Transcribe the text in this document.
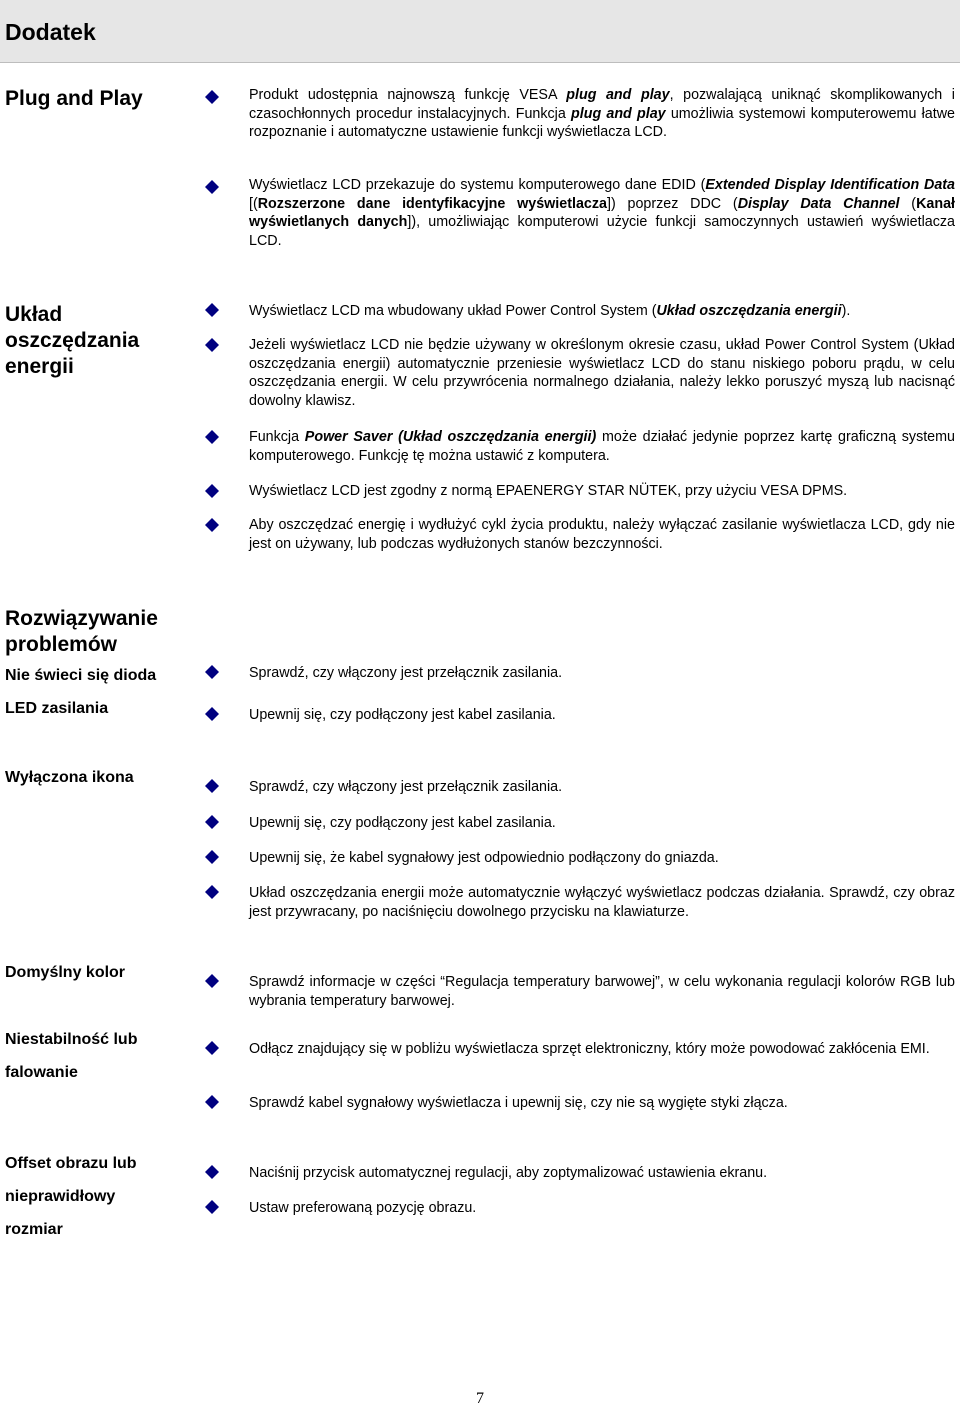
Dodatek
Plug and Play	Produkt udostępnia najnowszą funkcję VESA plug and play, pozwalającą uniknąć skomplikowanych i czasochłonnych procedur instalacyjnych. Funkcja plug and play umożliwia systemowi komputerowemu łatwe rozpoznanie i automatyczne ustawienie funkcji wyświetlacza LCD.
Wyświetlacz LCD przekazuje do systemu komputerowego dane EDID (Extended Display Identification Data [(Rozszerzone dane identyfikacyjne wyświetlacza]) poprzez DDC (Display Data Channel (Kanał wyświetlanych danych]), umożliwiając komputerowi użycie funkcji samoczynnych ustawień wyświetlacza LCD.
Układ
oszczędzania
energii
Wyświetlacz LCD ma wbudowany układ Power Control System (Układ oszczędzania energii).
Jeżeli wyświetlacz LCD nie będzie używany w określonym okresie czasu, układ Power Control System (Układ oszczędzania energii) automatycznie przeniesie wyświetlacz LCD do stanu niskiego poboru prądu, w celu oszczędzania energii. W celu przywrócenia normalnego działania, należy lekko poruszyć myszą lub nacisnąć dowolny klawisz.
Funkcja Power Saver (Układ oszczędzania energii) może działać jedynie poprzez kartę graficzną systemu komputerowego. Funkcję tę można ustawić z komputera.
Wyświetlacz LCD jest zgodny z normą EPAENERGY STAR NÜTEK, przy użyciu VESA DPMS.
Aby oszczędzać energię i wydłużyć cykl życia produktu, należy wyłączać zasilanie wyświetlacza LCD, gdy nie jest on używany, lub podczas wydłużonych stanów bezczynności.
Rozwiązywanie
problemów
Nie świeci się dioda
LED zasilania
Sprawdź, czy włączony jest przełącznik zasilania.
Upewnij się, czy podłączony jest kabel zasilania.
Wyłączona ikona
Sprawdź, czy włączony jest przełącznik zasilania.
Upewnij się, czy podłączony jest kabel zasilania.
Upewnij się, że kabel sygnałowy jest odpowiednio podłączony do gniazda.
Układ oszczędzania energii może automatycznie wyłączyć wyświetlacz podczas działania. Sprawdź, czy obraz jest przywracany, po naciśnięciu dowolnego przycisku na klawiaturze.
Domyślny kolor
Sprawdź informacje w części “Regulacja temperatury barwowej”, w celu wykonania regulacji kolorów RGB lub wybrania temperatury barwowej.
Niestabilność lub
falowanie
Odłącz znajdujący się w pobliżu wyświetlacza sprzęt elektroniczny, który może powodować zakłócenia EMI.
Sprawdź kabel sygnałowy wyświetlacza i upewnij się, czy nie są wygięte styki złącza.
Offset obrazu lub
nieprawidłowy
rozmiar
Naciśnij przycisk automatycznej regulacji, aby zoptymalizować ustawienia ekranu.
Ustaw preferowaną pozycję obrazu.
7
